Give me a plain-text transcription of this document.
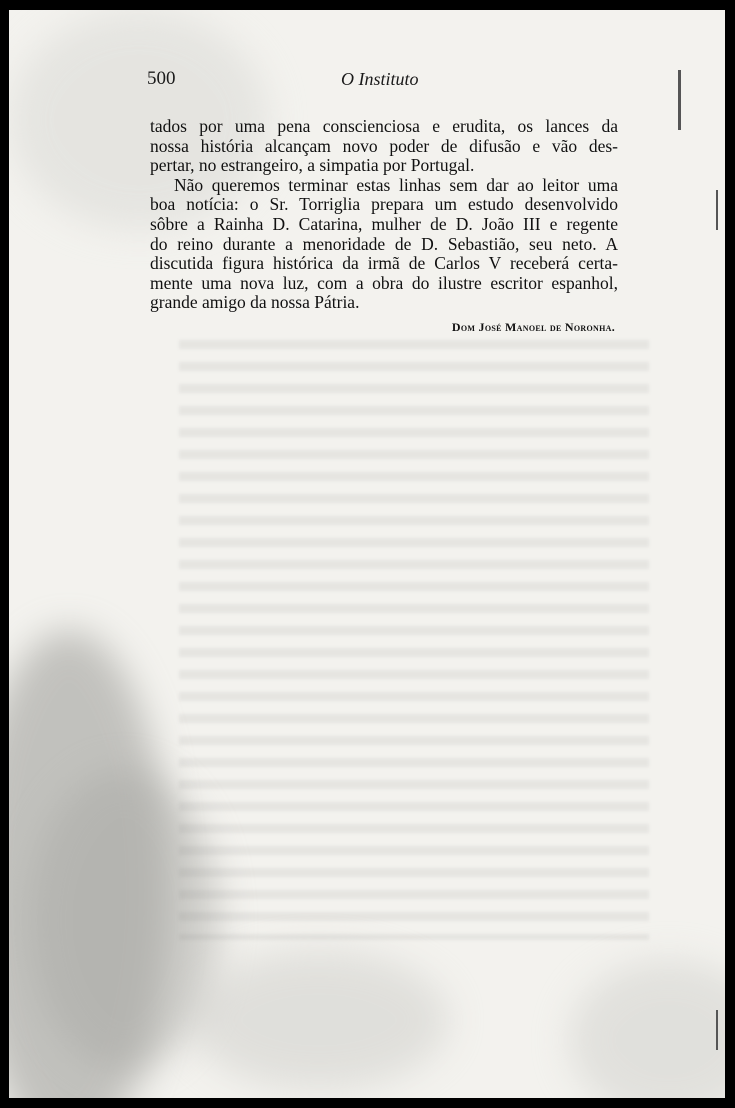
500	O Instituto
tados por uma pena conscienciosa e erudita, os lances da
nossa história alcançam novo poder de difusão e vão des-
pertar, no estrangeiro, a simpatia por Portugal.
Não queremos terminar estas linhas sem dar ao leitor uma
boa notícia: o Sr. Torriglia prepara um estudo desenvolvido
sôbre a Rainha D. Catarina, mulher de D. João III e regente
do reino durante a menoridade de D. Sebastião, seu neto. A
discutida figura histórica da irmã de Carlos V receberá certa-
mente uma nova luz, com a obra do ilustre escritor espanhol,
grande amigo da nossa Pátria.
Dom José Manoel de Noronha.
